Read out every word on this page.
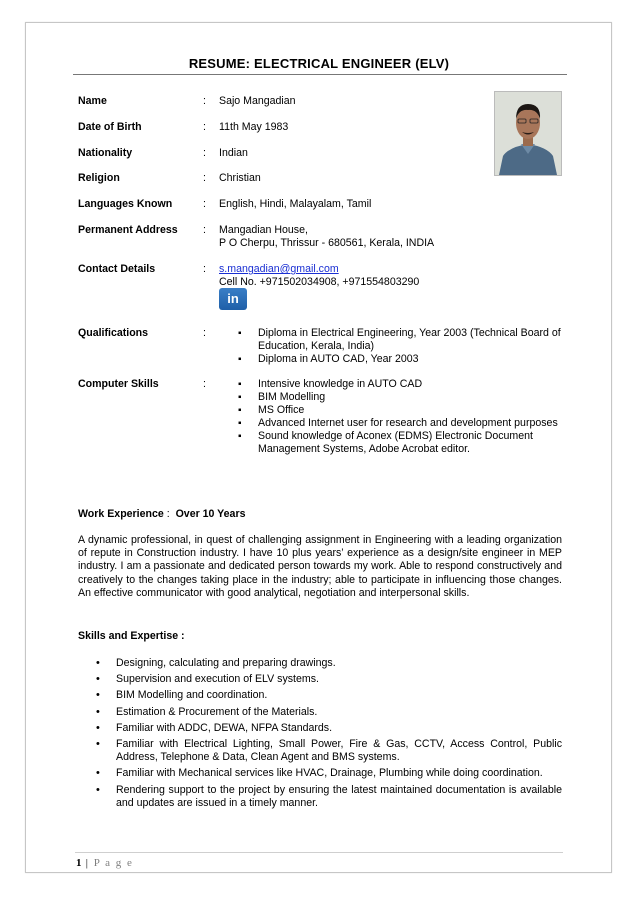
RESUME: ELECTRICAL ENGINEER (ELV)
Name	: Sajo Mangadian
Date of Birth	: 11th May 1983
Nationality	: Indian
Religion	: Christian
Languages Known	: English, Hindi, Malayalam, Tamil
Permanent Address : Mangadian House,
P O Cherpu, Thrissur - 680561, Kerala, INDIA
Contact Details	: s.mangadian@gmail.com
Cell No. +971502034908, +971554803290
in
Qualifications	:	▪ Diploma in Electrical Engineering, Year 2003 (Technical Board of Education, Kerala, India)
▪ Diploma in AUTO CAD, Year 2003
Computer Skills	:	▪ Intensive knowledge in AUTO CAD
▪ BIM Modelling
▪ MS Office
▪ Advanced Internet user for research and development purposes
▪ Sound knowledge of Aconex (EDMS) Electronic Document Management Systems, Adobe Acrobat editor.
Work Experience :  Over 10 Years
A dynamic professional, in quest of challenging assignment in Engineering with a leading organization of repute in Construction industry. I have 10 plus years’ experience as a design/site engineer in MEP industry. I am a passionate and dedicated person towards my work. Able to respond constructively and creatively to the changes taking place in the industry; able to participate in influencing those changes. An effective communicator with good analytical, negotiation and interpersonal skills.
Skills and Expertise :
• Designing, calculating and preparing drawings.
• Supervision and execution of ELV systems.
• BIM Modelling and coordination.
• Estimation & Procurement of the Materials.
• Familiar with ADDC, DEWA, NFPA Standards.
• Familiar with Electrical Lighting, Small Power, Fire & Gas, CCTV, Access Control, Public Address, Telephone & Data, Clean Agent and BMS systems.
• Familiar with Mechanical services like HVAC, Drainage, Plumbing while doing coordination.
• Rendering support to the project by ensuring the latest maintained documentation is available and updates are issued in a timely manner.
1 | P a g e
